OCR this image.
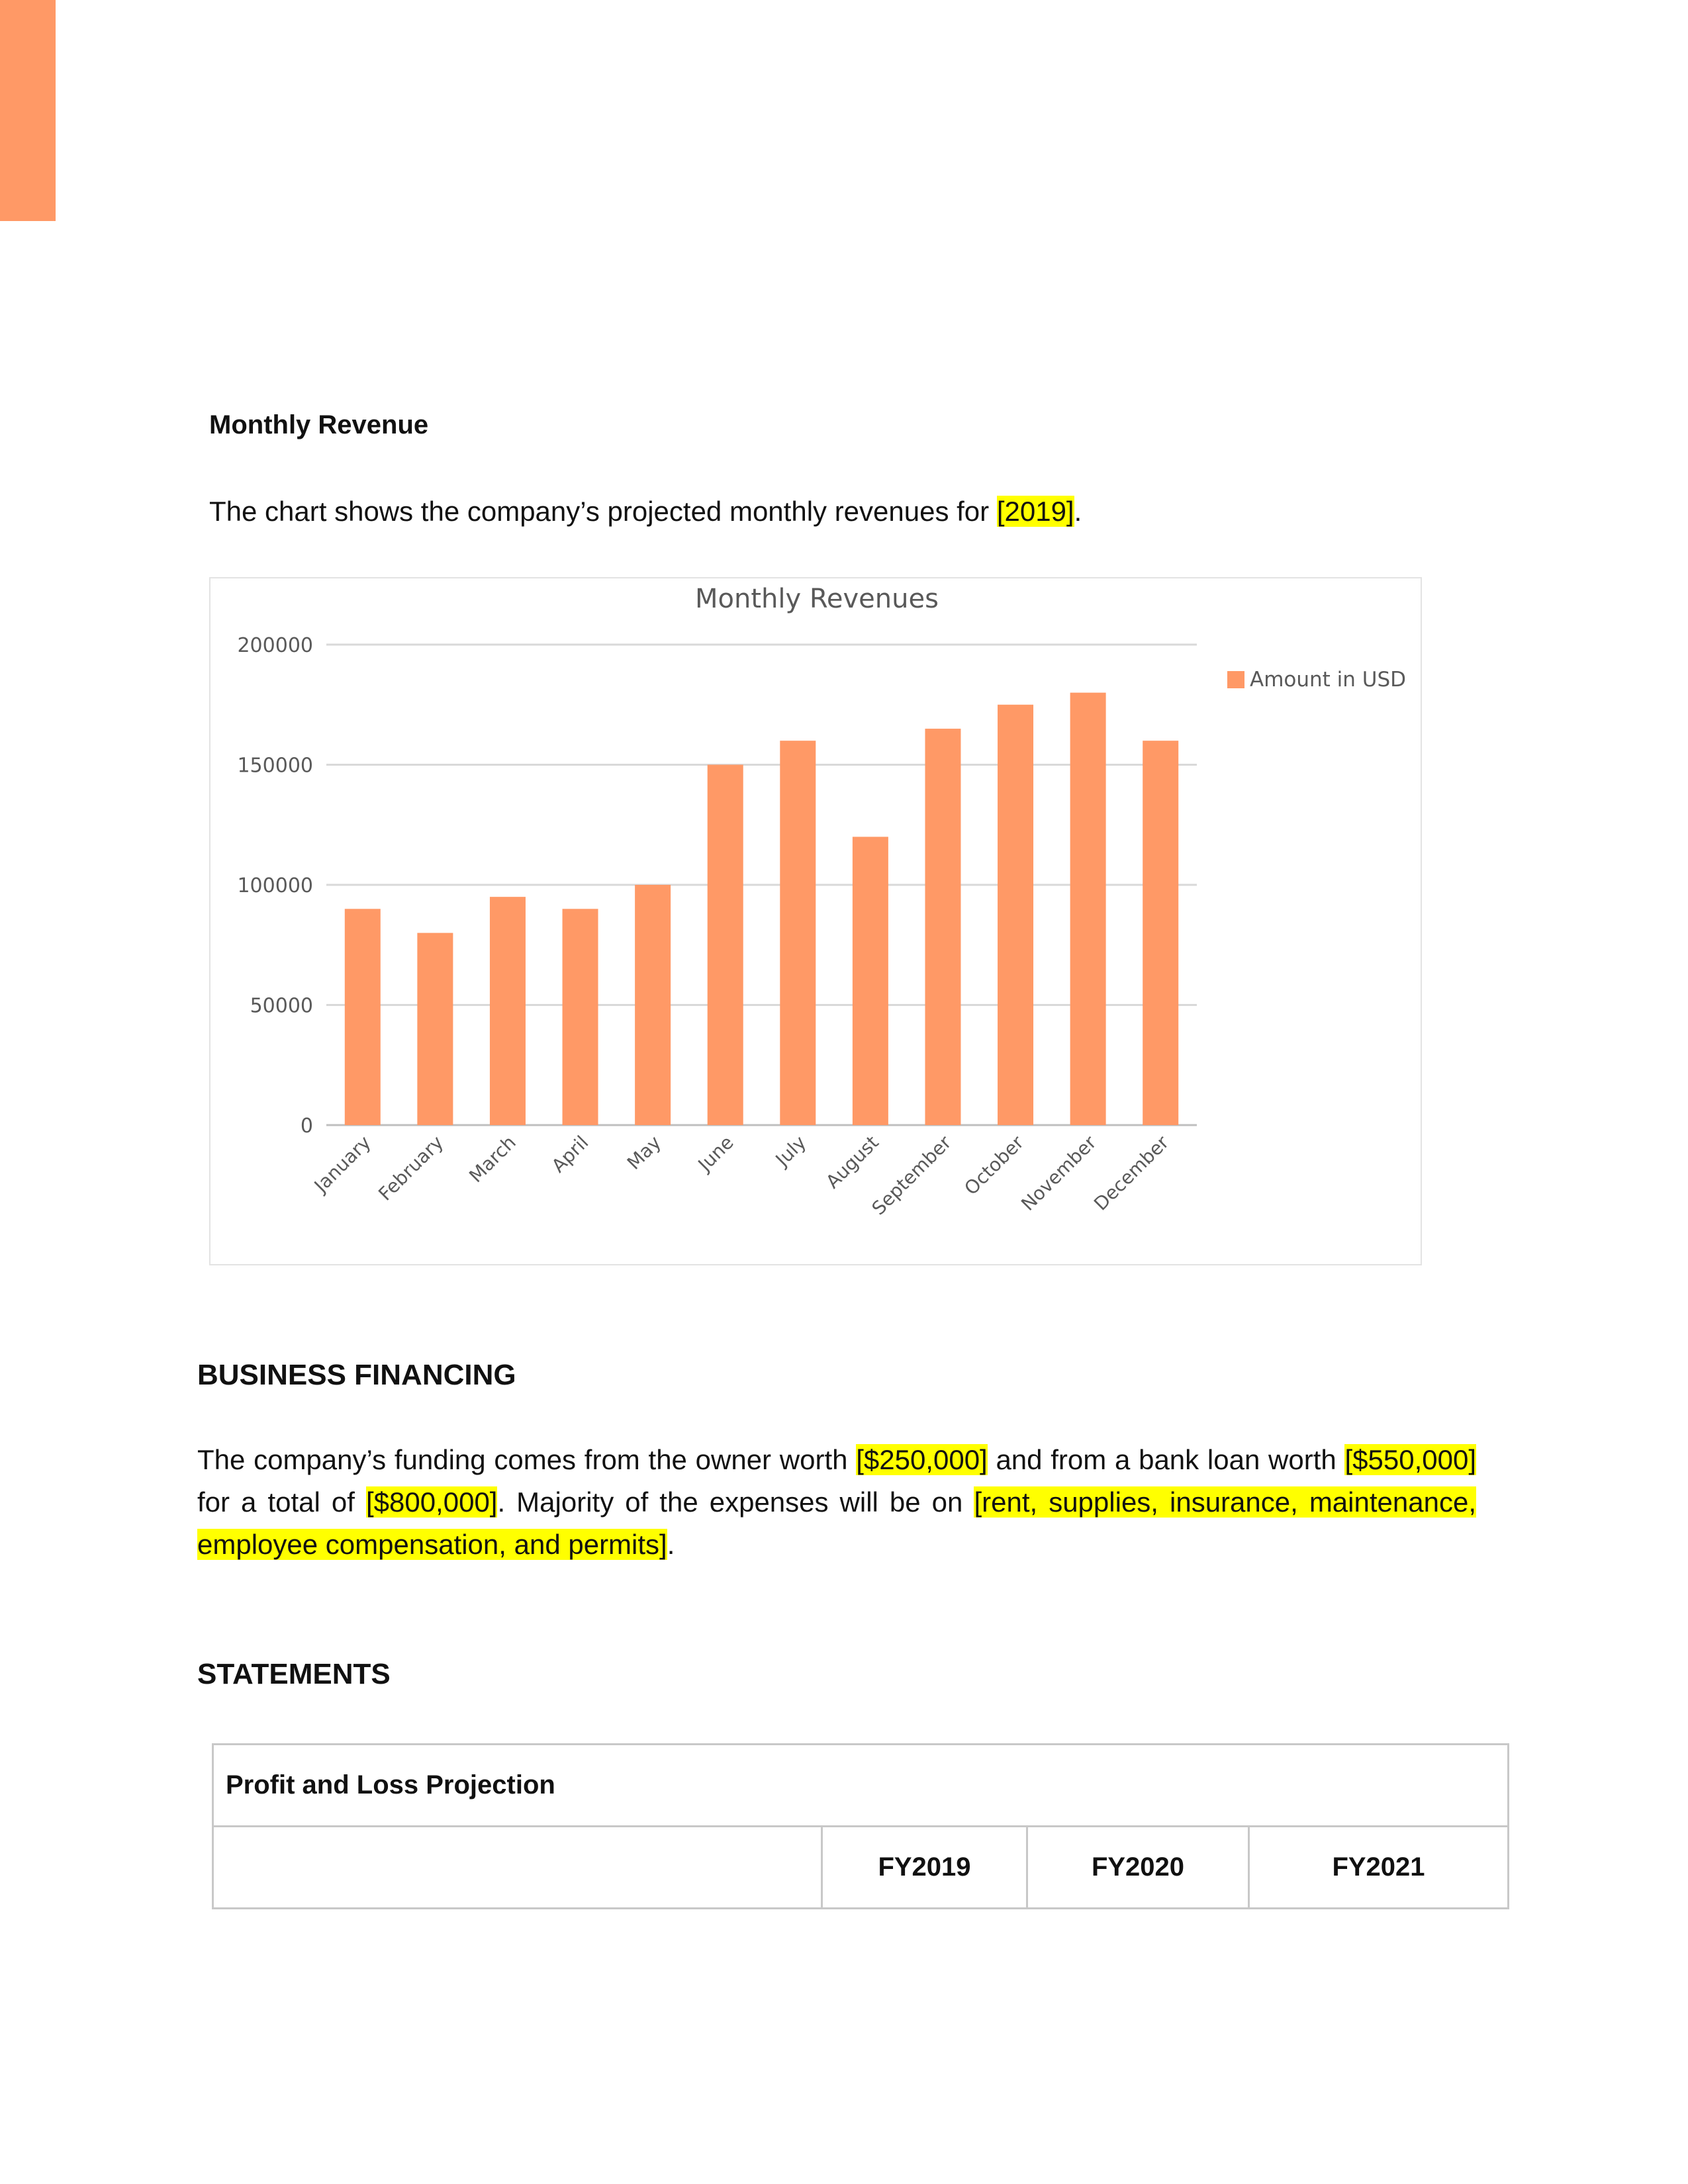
Monthly Revenue
The chart shows the company’s projected monthly revenues for [2019].
Monthly Revenues
0
50000
100000
150000
200000
January
February March April May June July August
September October
November
December
Amount in USD
BUSINESS FINANCING
The company’s funding comes from the owner worth [$250,000] and from a bank loan worth [$550,000] for a total of [$800,000]. Majority of the expenses will be on [rent, supplies, insurance, maintenance, employee compensation, and permits].
STATEMENTS
Profit and Loss Projection
	FY2019	FY2020	FY2021
